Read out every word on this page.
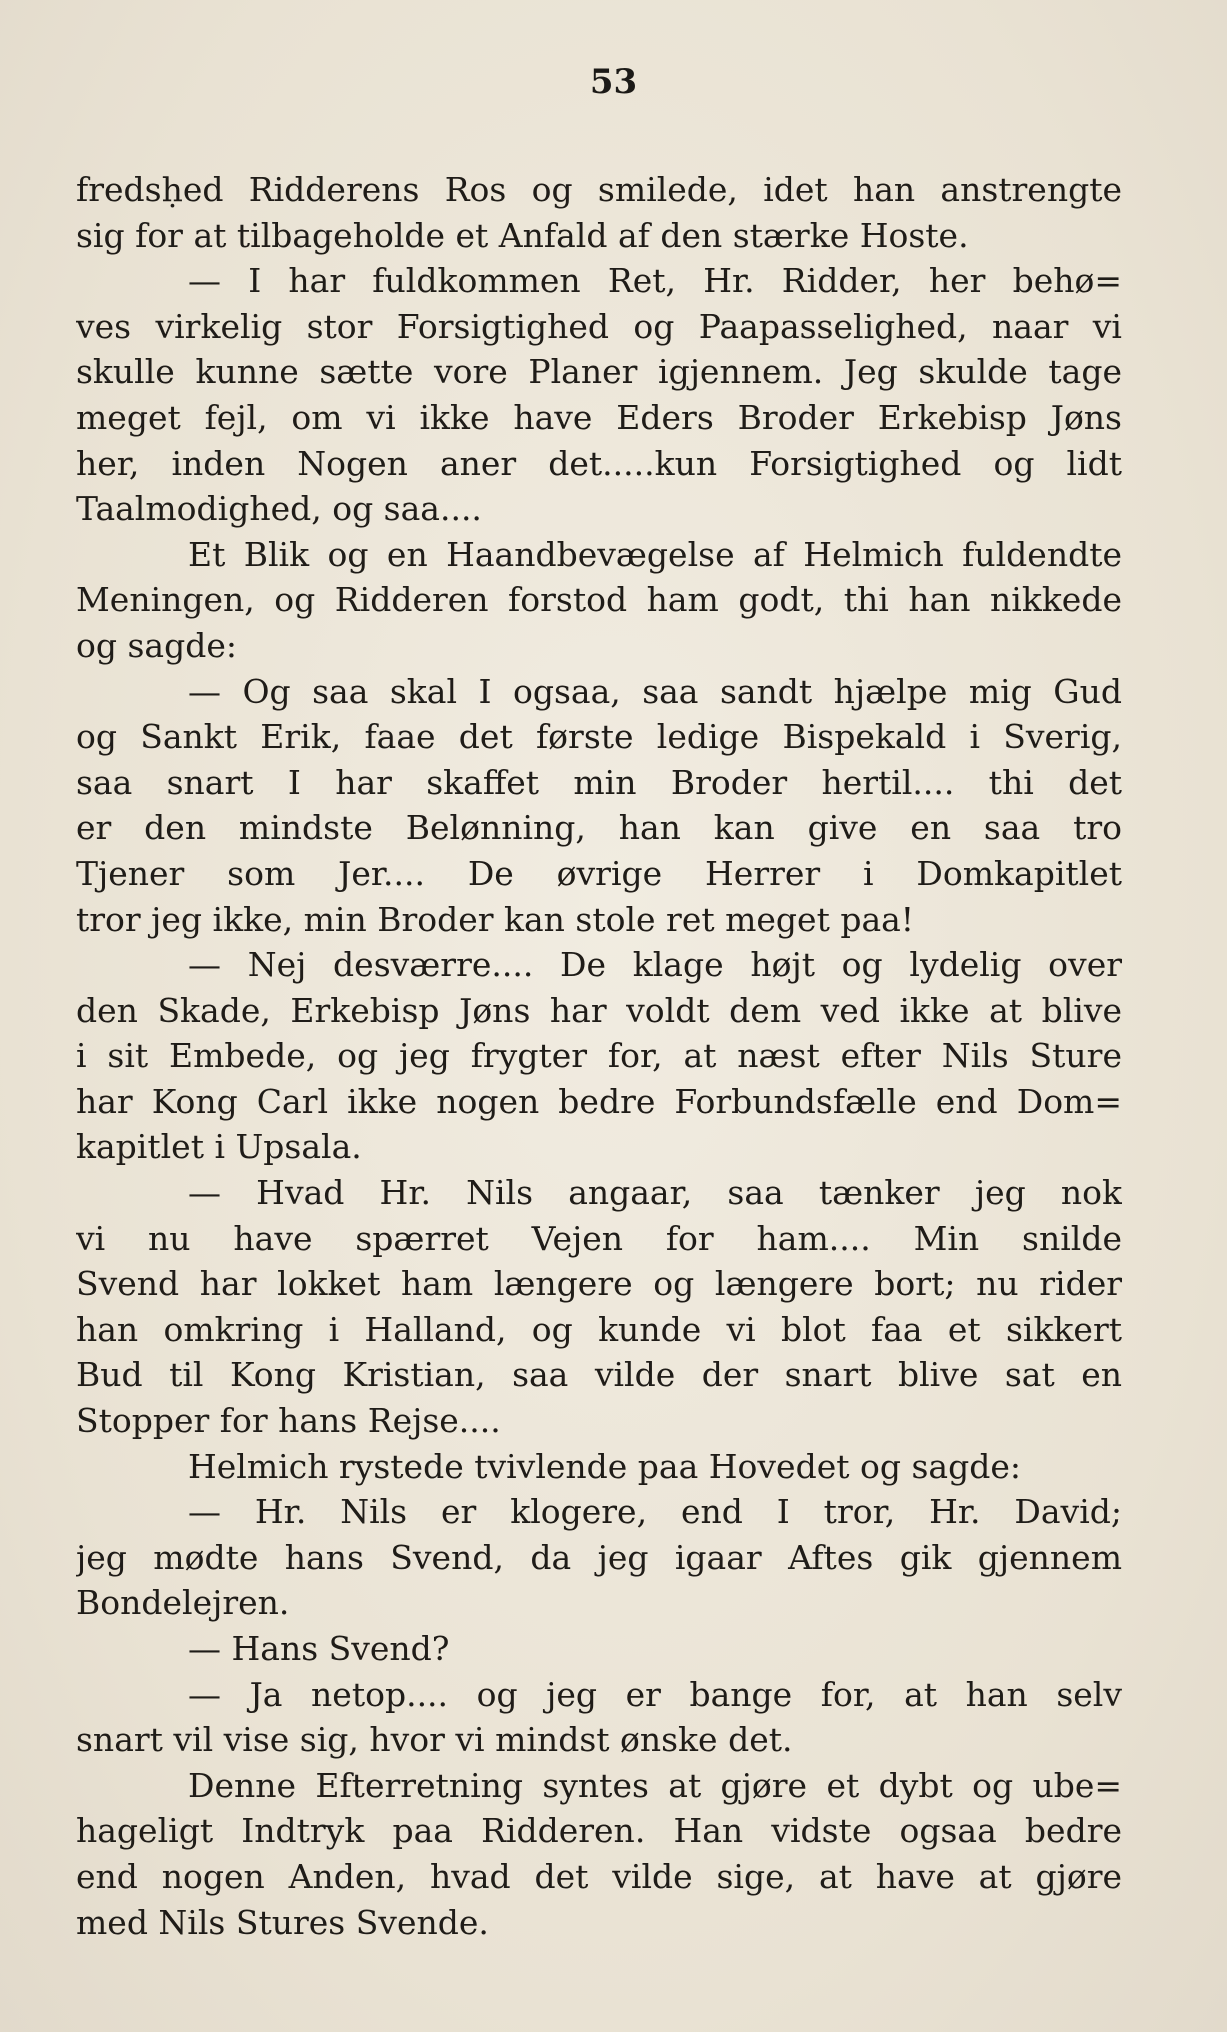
53

fredsḥed Ridderens Ros og smilede, idet han anstrengte
sig for at tilbageholde et Anfald af den stærke Hoste.
— I har fuldkommen Ret, Hr. Ridder, her behø=
ves virkelig stor Forsigtighed og Paapasselighed, naar vi
skulle kunne sætte vore Planer igjennem. Jeg skulde tage
meget fejl, om vi ikke have Eders Broder Erkebisp Jøns
her, inden Nogen aner det.....kun Forsigtighed og lidt
Taalmodighed, og saa....
Et Blik og en Haandbevægelse af Helmich fuldendte
Meningen, og Ridderen forstod ham godt, thi han nikkede
og sagde:
— Og saa skal I ogsaa, saa sandt hjælpe mig Gud
og Sankt Erik, faae det første ledige Bispekald i Sverig,
saa snart I har skaffet min Broder hertil.... thi det
er den mindste Belønning, han kan give en saa tro
Tjener som Jer.... De øvrige Herrer i Domkapitlet
tror jeg ikke, min Broder kan stole ret meget paa!
— Nej desværre.... De klage højt og lydelig over
den Skade, Erkebisp Jøns har voldt dem ved ikke at blive
i sit Embede, og jeg frygter for, at næst efter Nils Sture
har Kong Carl ikke nogen bedre Forbundsfælle end Dom=
kapitlet i Upsala.
— Hvad Hr. Nils angaar, saa tænker jeg nok
vi nu have spærret Vejen for ham.... Min snilde
Svend har lokket ham længere og længere bort; nu rider
han omkring i Halland, og kunde vi blot faa et sikkert
Bud til Kong Kristian, saa vilde der snart blive sat en
Stopper for hans Rejse....
Helmich rystede tvivlende paa Hovedet og sagde:
— Hr. Nils er klogere, end I tror, Hr. David;
jeg mødte hans Svend, da jeg igaar Aftes gik gjennem
Bondelejren.
— Hans Svend?
— Ja netop.... og jeg er bange for, at han selv
snart vil vise sig, hvor vi mindst ønske det.
Denne Efterretning syntes at gjøre et dybt og ube=
hageligt Indtryk paa Ridderen. Han vidste ogsaa bedre
end nogen Anden, hvad det vilde sige, at have at gjøre
med Nils Stures Svende.
